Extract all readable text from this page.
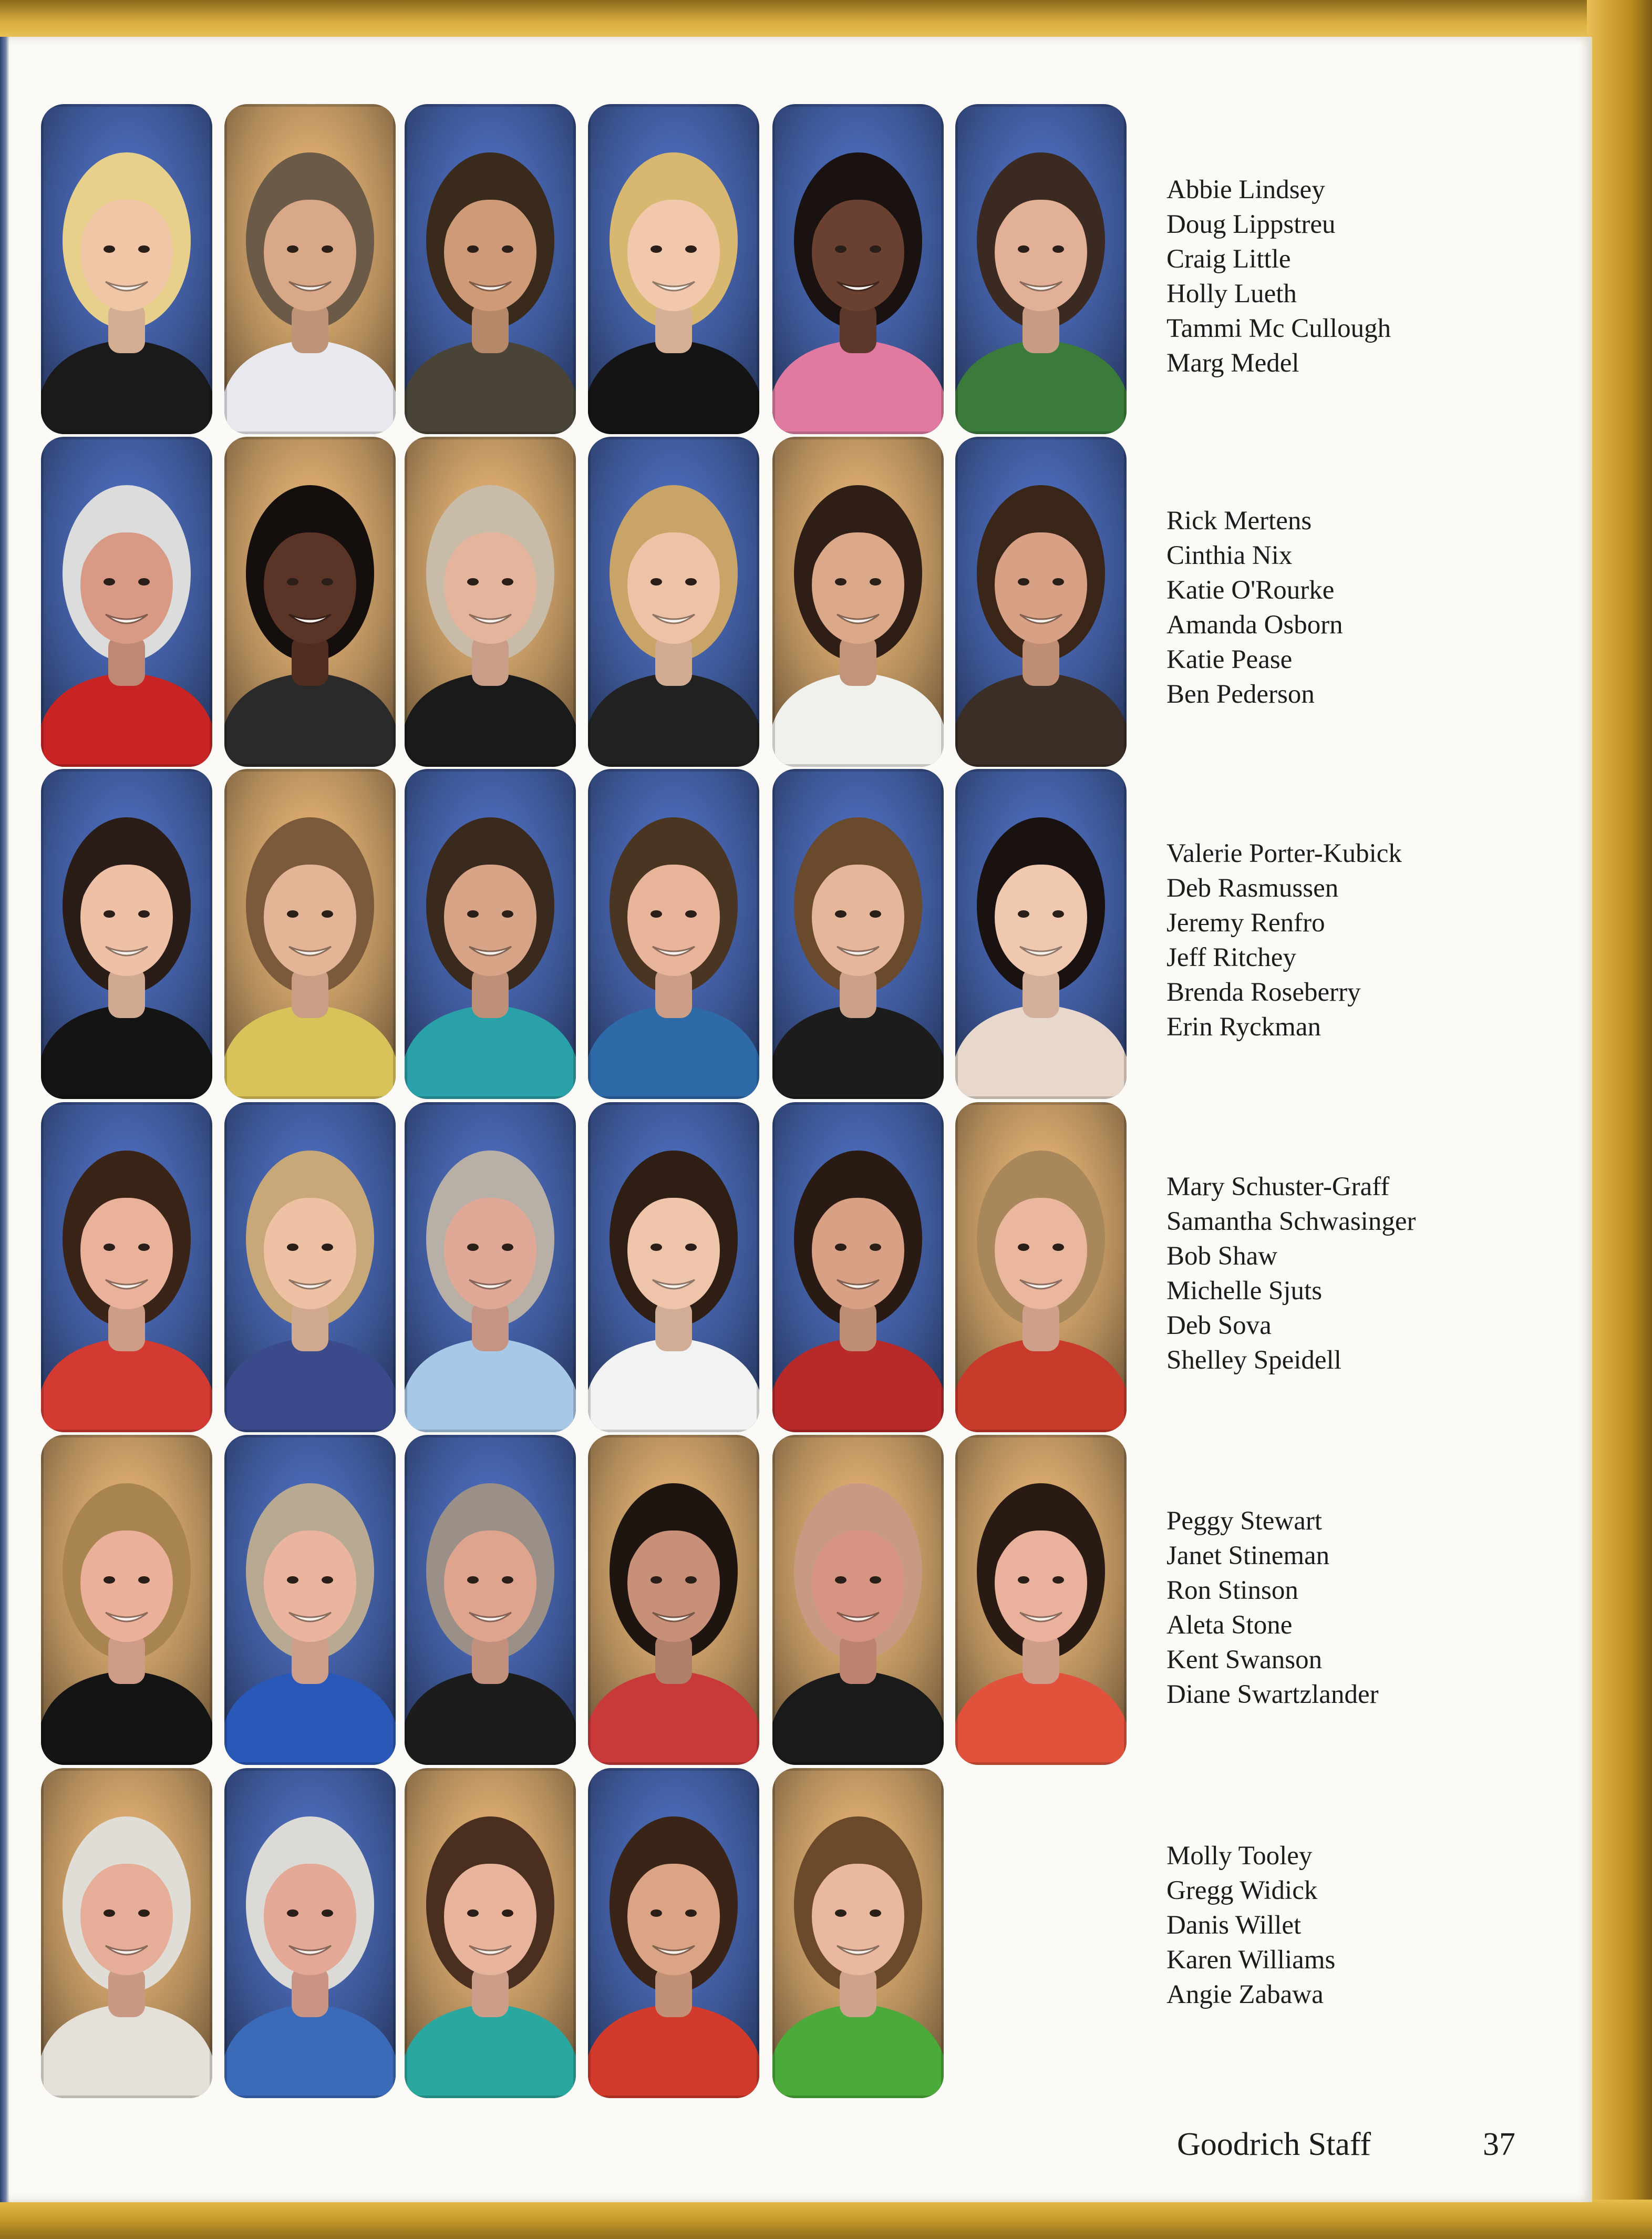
Abbie Lindsey
Doug Lippstreu
Craig Little
Holly Lueth
Tammi Mc Cullough
Marg Medel
Rick Mertens
Cinthia Nix
Katie O'Rourke
Amanda Osborn
Katie Pease
Ben Pederson
Valerie Porter-Kubick
Deb Rasmussen
Jeremy Renfro
Jeff Ritchey
Brenda Roseberry
Erin Ryckman
Mary Schuster-Graff
Samantha Schwasinger
Bob Shaw
Michelle Sjuts
Deb Sova
Shelley Speidell
Peggy Stewart
Janet Stineman
Ron Stinson
Aleta Stone
Kent Swanson
Diane Swartzlander
Molly Tooley
Gregg Widick
Danis Willet
Karen Williams
Angie Zabawa
Goodrich Staff	37
